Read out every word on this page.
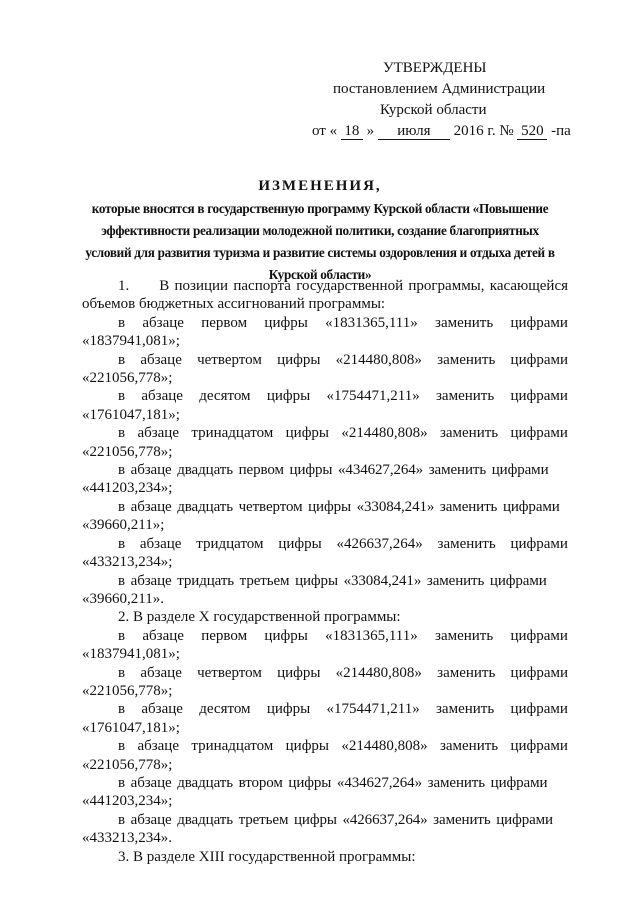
УТВЕРЖДЕНЫ
постановлением Администрации
Курской области
от « 18 » июля 2016 г. № 520 -па
ИЗМЕНЕНИЯ,
которые вносятся в государственную программу Курской области «Повышение эффективности реализации молодежной политики, создание благоприятных условий для развития туризма и развитие системы оздоровления и отдыха детей в Курской области»

1. В позиции паспорта государственной программы, касающейся объемов бюджетных ассигнований программы:

в абзаце первом цифры «1831365,111» заменить цифрами
«1837941,081»;
в абзаце четвертом цифры «214480,808» заменить цифрами
«221056,778»;
в абзаце десятом цифры «1754471,211» заменить цифрами
«1761047,181»;
в абзаце тринадцатом цифры «214480,808» заменить цифрами
«221056,778»;
в абзаце двадцать первом цифры «434627,264» заменить цифрами
«441203,234»;
в абзаце двадцать четвертом цифры «33084,241» заменить цифрами
«39660,211»;
в абзаце тридцатом цифры «426637,264» заменить цифрами
«433213,234»;
в абзаце тридцать третьем цифры «33084,241» заменить цифрами
«39660,211».

2. В разделе X государственной программы:

в абзаце первом цифры «1831365,111» заменить цифрами
«1837941,081»;
в абзаце четвертом цифры «214480,808» заменить цифрами
«221056,778»;
в абзаце десятом цифры «1754471,211» заменить цифрами
«1761047,181»;
в абзаце тринадцатом цифры «214480,808» заменить цифрами
«221056,778»;
в абзаце двадцать втором цифры «434627,264» заменить цифрами
«441203,234»;
в абзаце двадцать третьем цифры «426637,264» заменить цифрами
«433213,234».

3. В разделе XIII государственной программы:
